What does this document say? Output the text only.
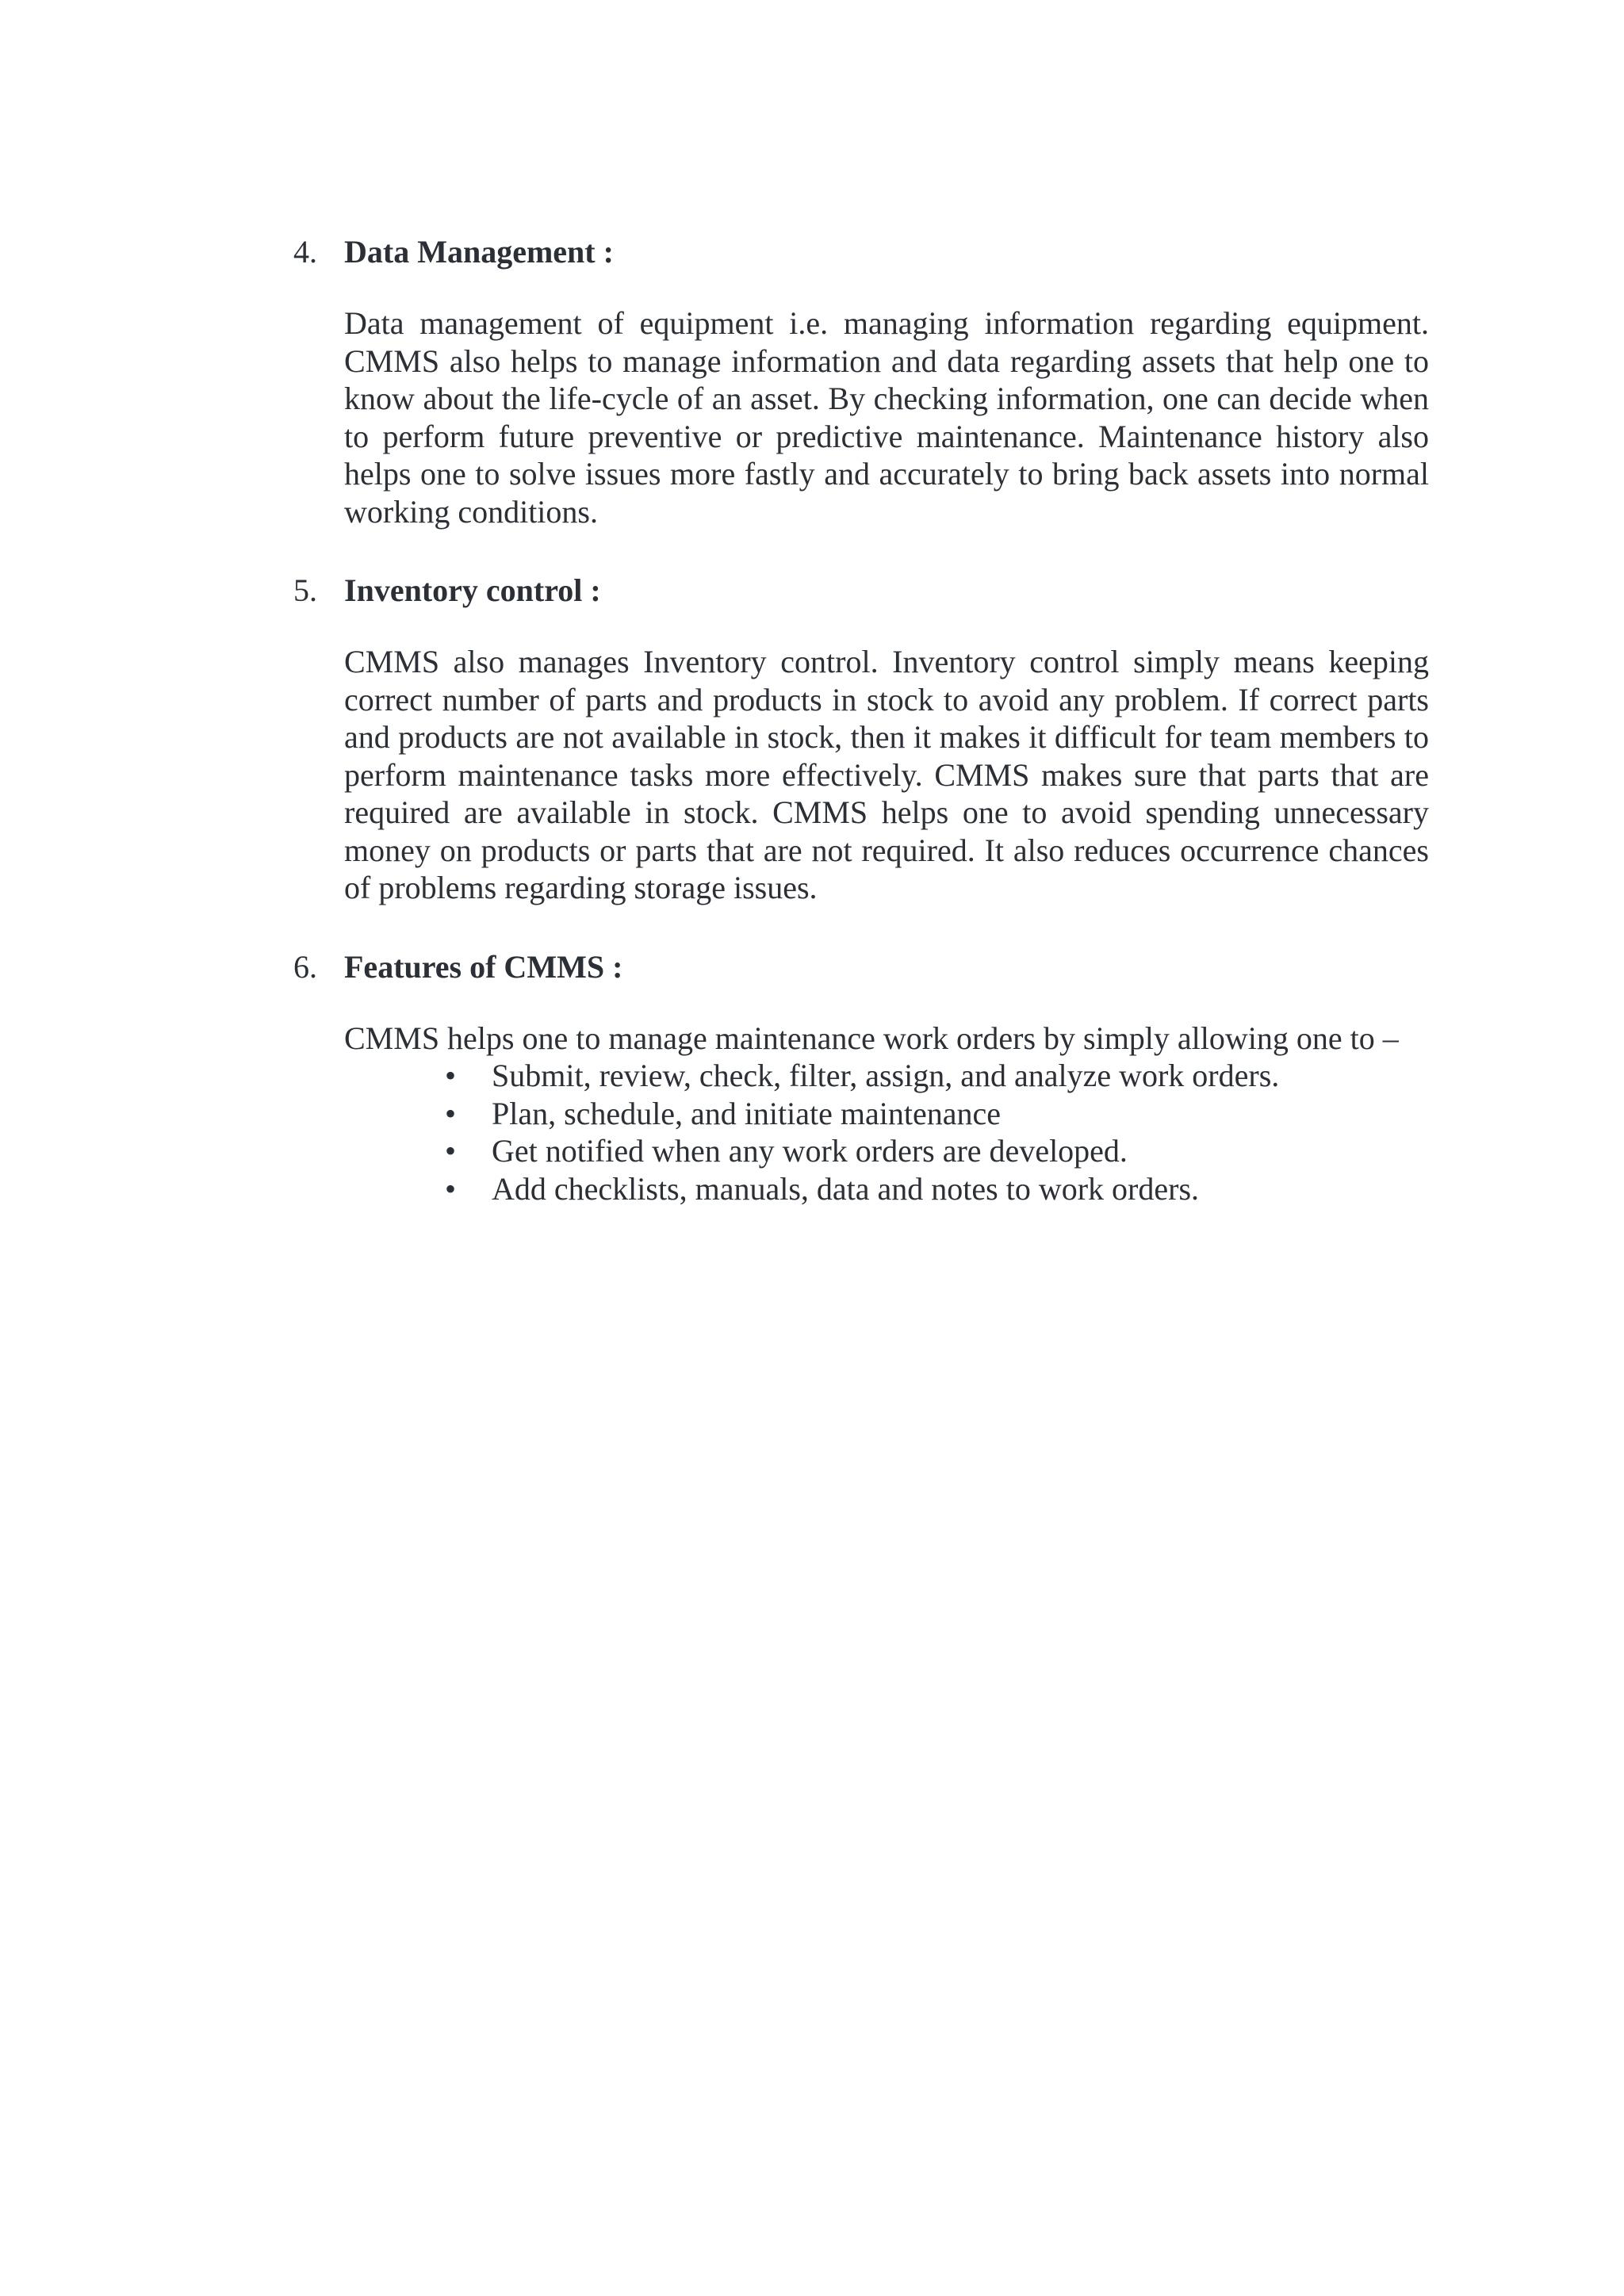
4. Data Management :

Data management of equipment i.e. managing information regarding equipment. CMMS also helps to manage information and data regarding assets that help one to know about the life-cycle of an asset. By checking information, one can decide when to perform future preventive or predictive maintenance. Maintenance history also helps one to solve issues more fastly and accurately to bring back assets into normal working conditions.

5. Inventory control :

CMMS also manages Inventory control. Inventory control simply means keeping correct number of parts and products in stock to avoid any problem. If correct parts and products are not available in stock, then it makes it difficult for team members to perform maintenance tasks more effectively. CMMS makes sure that parts that are required are available in stock. CMMS helps one to avoid spending unnecessary money on products or parts that are not required. It also reduces occurrence chances of problems regarding storage issues.

6. Features of CMMS :

CMMS helps one to manage maintenance work orders by simply allowing one to –

• Submit, review, check, filter, assign, and analyze work orders.
• Plan, schedule, and initiate maintenance
• Get notified when any work orders are developed.
• Add checklists, manuals, data and notes to work orders.
